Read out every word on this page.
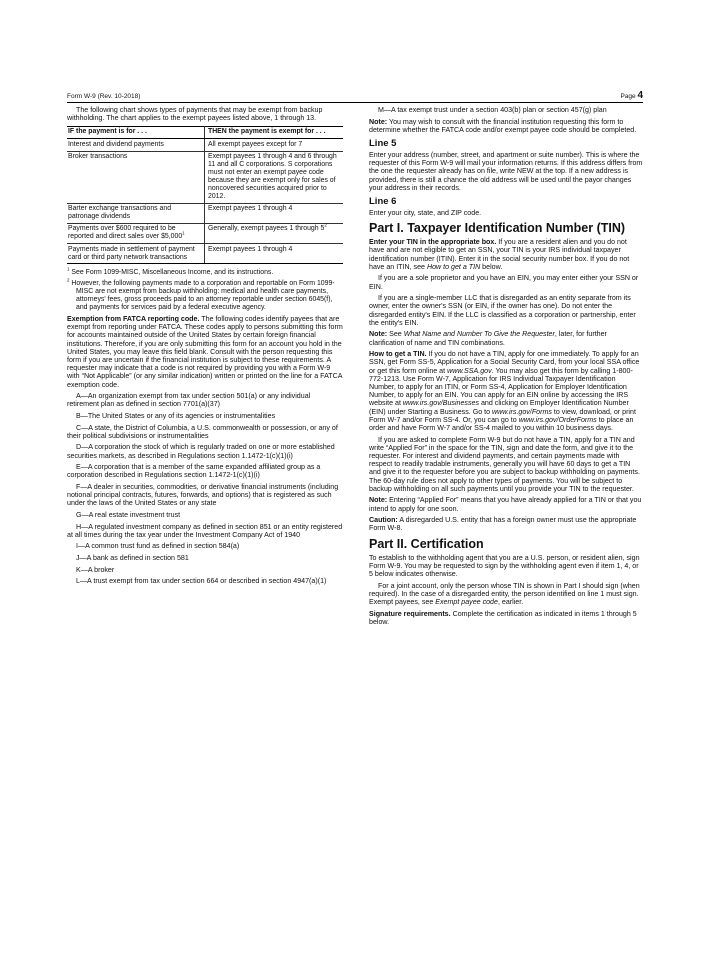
Form W-9 (Rev. 10-2018)	Page 4

The following chart shows types of payments that may be exempt from backup withholding. The chart applies to the exempt payees listed above, 1 through 13.

IF the payment is for . . .	THEN the payment is exempt for . . .
Interest and dividend payments	All exempt payees except for 7
Broker transactions	Exempt payees 1 through 4 and 6 through 11 and all C corporations. S corporations must not enter an exempt payee code because they are exempt only for sales of noncovered securities acquired prior to 2012.
Barter exchange transactions and patronage dividends	Exempt payees 1 through 4
Payments over $600 required to be reported and direct sales over $5,000$^1$	Generally, exempt payees 1 through $5^2$
Payments made in settlement of payment card or third party network transactions	Exempt payees 1 through 4

$^1$ See Form 1099-MISC, Miscellaneous Income, and its instructions.

$^2$ However, the following payments made to a corporation and reportable on Form 1099-MISC are not exempt from backup withholding: medical and health care payments, attorneys' fees, gross proceeds paid to an attorney reportable under section 6045(f), and payments for services paid by a federal executive agency.

Exemption from FATCA reporting code. The following codes identify payees that are exempt from reporting under FATCA. These codes apply to persons submitting this form for accounts maintained outside of the United States by certain foreign financial institutions. Therefore, if you are only submitting this form for an account you hold in the United States, you may leave this field blank. Consult with the person requesting this form if you are uncertain if the financial institution is subject to these requirements. A requester may indicate that a code is not required by providing you with a Form W-9 with “Not Applicable” (or any similar indication) written or printed on the line for a FATCA exemption code.

A—An organization exempt from tax under section 501(a) or any individual retirement plan as defined in section 7701(a)(37)

B—The United States or any of its agencies or instrumentalities

C—A state, the District of Columbia, a U.S. commonwealth or possession, or any of their political subdivisions or instrumentalities

D—A corporation the stock of which is regularly traded on one or more established securities markets, as described in Regulations section 1.1472-1(c)(1)(i)

E—A corporation that is a member of the same expanded affiliated group as a corporation described in Regulations section 1.1472-1(c)(1)(i)

F—A dealer in securities, commodities, or derivative financial instruments (including notional principal contracts, futures, forwards, and options) that is registered as such under the laws of the United States or any state

G—A real estate investment trust

H—A regulated investment company as defined in section 851 or an entity registered at all times during the tax year under the Investment Company Act of 1940

I—A common trust fund as defined in section 584(a)

J—A bank as defined in section 581

K—A broker

L—A trust exempt from tax under section 664 or described in section 4947(a)(1)

M—A tax exempt trust under a section 403(b) plan or section 457(g) plan

Note: You may wish to consult with the financial institution requesting this form to determine whether the FATCA code and/or exempt payee code should be completed.

Line 5

Enter your address (number, street, and apartment or suite number). This is where the requester of this Form W-9 will mail your information returns. If this address differs from the one the requester already has on file, write NEW at the top. If a new address is provided, there is still a chance the old address will be used until the payor changes your address in their records.

Line 6

Enter your city, state, and ZIP code.

Part I. Taxpayer Identification Number (TIN)

Enter your TIN in the appropriate box. If you are a resident alien and you do not have and are not eligible to get an SSN, your TIN is your IRS individual taxpayer identification number (ITIN). Enter it in the social security number box. If you do not have an ITIN, see How to get a TIN below.

If you are a sole proprietor and you have an EIN, you may enter either your SSN or EIN.

If you are a single-member LLC that is disregarded as an entity separate from its owner, enter the owner's SSN (or EIN, if the owner has one). Do not enter the disregarded entity's EIN. If the LLC is classified as a corporation or partnership, enter the entity's EIN.

Note: See What Name and Number To Give the Requester, later, for further clarification of name and TIN combinations.

How to get a TIN. If you do not have a TIN, apply for one immediately. To apply for an SSN, get Form SS-5, Application for a Social Security Card, from your local SSA office or get this form online at www.SSA.gov. You may also get this form by calling 1-800-772-1213. Use Form W-7, Application for IRS Individual Taxpayer Identification Number, to apply for an ITIN, or Form SS-4, Application for Employer Identification Number, to apply for an EIN. You can apply for an EIN online by accessing the IRS website at www.irs.gov/Businesses and clicking on Employer Identification Number (EIN) under Starting a Business. Go to www.irs.gov/Forms to view, download, or print Form W-7 and/or Form SS-4. Or, you can go to www.irs.gov/OrderForms to place an order and have Form W-7 and/or SS-4 mailed to you within 10 business days.

If you are asked to complete Form W-9 but do not have a TIN, apply for a TIN and write “Applied For” in the space for the TIN, sign and date the form, and give it to the requester. For interest and dividend payments, and certain payments made with respect to readily tradable instruments, generally you will have 60 days to get a TIN and give it to the requester before you are subject to backup withholding on payments. The 60-day rule does not apply to other types of payments. You will be subject to backup withholding on all such payments until you provide your TIN to the requester.

Note: Entering “Applied For” means that you have already applied for a TIN or that you intend to apply for one soon.

Caution: A disregarded U.S. entity that has a foreign owner must use the appropriate Form W-8.

Part II. Certification

To establish to the withholding agent that you are a U.S. person, or resident alien, sign Form W-9. You may be requested to sign by the withholding agent even if item 1, 4, or 5 below indicates otherwise.

For a joint account, only the person whose TIN is shown in Part I should sign (when required). In the case of a disregarded entity, the person identified on line 1 must sign. Exempt payees, see Exempt payee code, earlier.

Signature requirements. Complete the certification as indicated in items 1 through 5 below.
